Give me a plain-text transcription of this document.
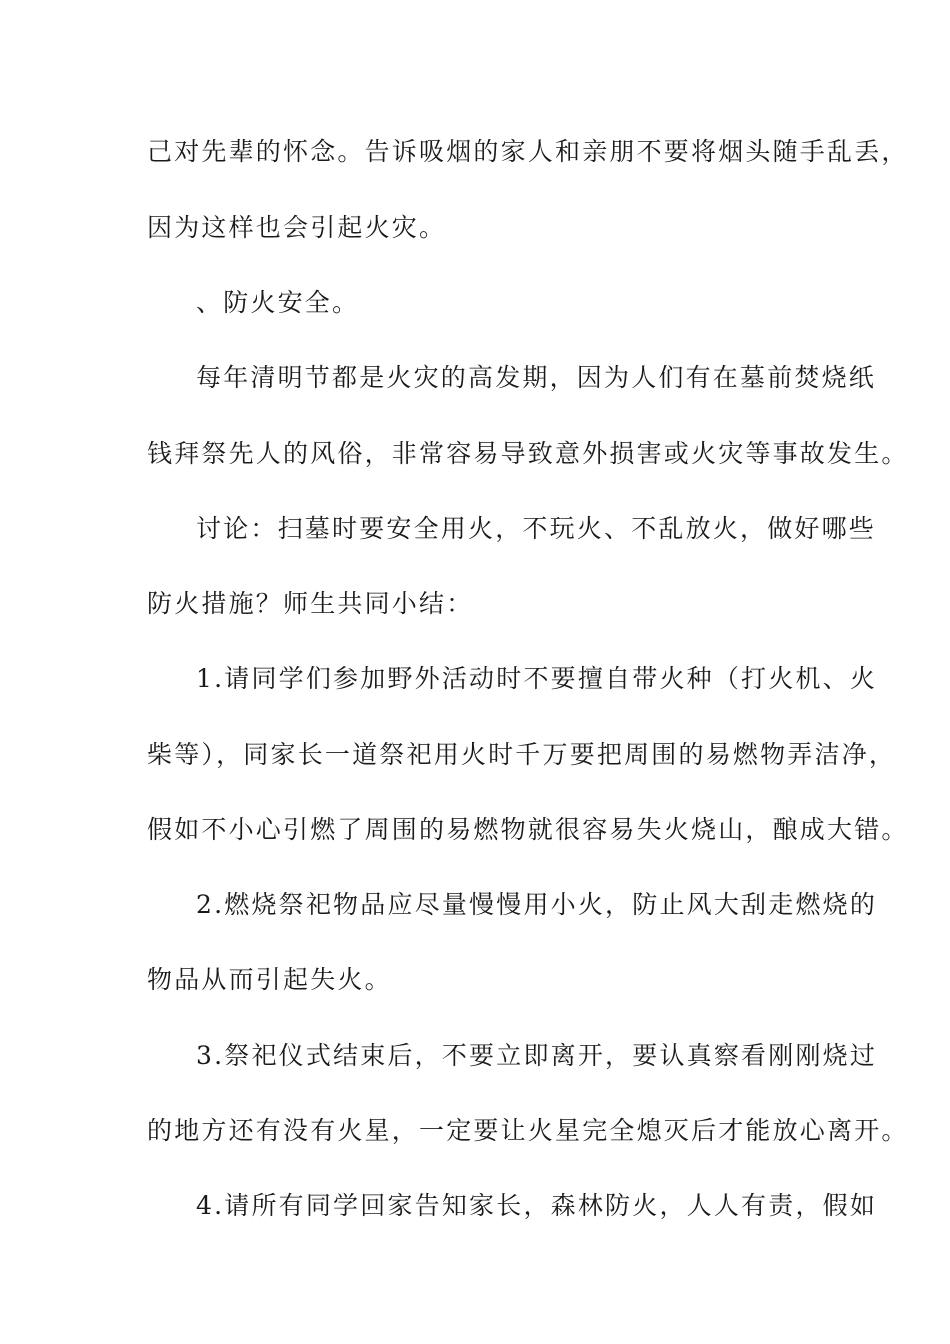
己对先辈的怀念。告诉吸烟的家人和亲朋不要将烟头随手乱丢，
因为这样也会引起火灾。
、防火安全。
每年清明节都是火灾的高发期，因为人们有在墓前焚烧纸
钱拜祭先人的风俗，非常容易导致意外损害或火灾等事故发生。
讨论：扫墓时要安全用火，不玩火、不乱放火，做好哪些
防火措施？师生共同小结：
1.请同学们参加野外活动时不要擅自带火种（打火机、火
柴等），同家长一道祭祀用火时千万要把周围的易燃物弄洁净，
假如不小心引燃了周围的易燃物就很容易失火烧山，酿成大错。
2.燃烧祭祀物品应尽量慢慢用小火，防止风大刮走燃烧的
物品从而引起失火。
3.祭祀仪式结束后，不要立即离开，要认真察看刚刚烧过
的地方还有没有火星，一定要让火星完全熄灭后才能放心离开。
4.请所有同学回家告知家长，森林防火，人人有责，假如
